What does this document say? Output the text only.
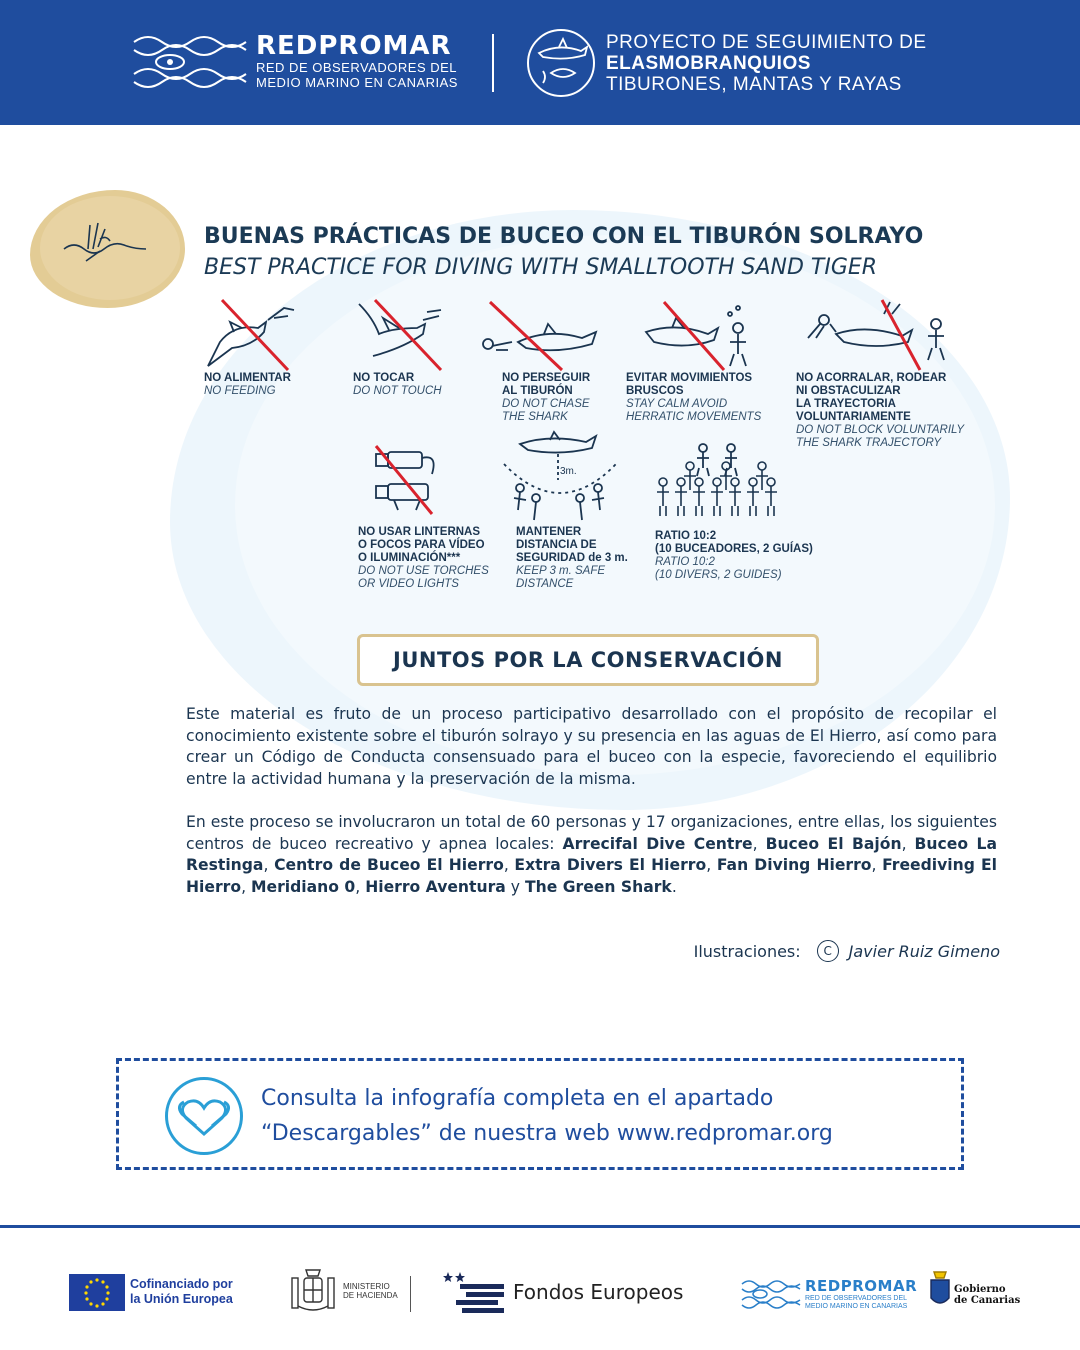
REDPROMAR
RED DE OBSERVADORES DEL
MEDIO MARINO EN CANARIAS
PROYECTO DE SEGUIMIENTO DE
ELASMOBRANQUIOS
TIBURONES, MANTAS Y RAYAS
BUENAS PRÁCTICAS DE BUCEO CON EL TIBURÓN SOLRAYO
BEST PRACTICE FOR DIVING WITH SMALLTOOTH SAND TIGER
NO ALIMENTAR
NO FEEDING
NO TOCAR
DO NOT TOUCH
NO PERSEGUIR
AL TIBURÓN
DO NOT CHASE
THE SHARK
EVITAR MOVIMIENTOS
BRUSCOS
STAY CALM AVOID
HERRATIC MOVEMENTS
NO ACORRALAR, RODEAR
NI OBSTACULIZAR
LA TRAYECTORIA
VOLUNTARIAMENTE
DO NOT BLOCK VOLUNTARILY
THE SHARK TRAJECTORY
NO USAR LINTERNAS
O FOCOS PARA VÍDEO
O ILUMINACIÓN***
DO NOT USE TORCHES
OR VIDEO LIGHTS
3m.
MANTENER
DISTANCIA DE
SEGURIDAD de 3 m.
KEEP 3 m. SAFE
DISTANCE
RATIO 10:2
(10 BUCEADORES, 2 GUÍAS)
RATIO 10:2
(10 DIVERS, 2 GUIDES)
JUNTOS POR LA CONSERVACIÓN
Este material es fruto de un proceso participativo desarrollado con el propósito de recopilar el conocimiento existente sobre el tiburón solrayo y su presencia en las aguas de El Hierro, así como para crear un Código de Conducta consensuado para el buceo con la especie, favoreciendo el equilibrio entre la actividad humana y la preservación de la misma.
En este proceso se involucraron un total de 60 personas y 17 organizaciones, entre ellas, los siguientes centros de buceo recreativo y apnea locales: Arrecifal Dive Centre, Buceo El Bajón, Buceo La Restinga, Centro de Buceo El Hierro, Extra Divers El Hierro, Fan Diving Hierro, Freediving El Hierro, Meridiano 0, Hierro Aventura y The Green Shark.
Ilustraciones:	C	Javier Ruiz Gimeno
Consulta la infografía completa en el apartado
“Descargables” de nuestra web www.redpromar.org
Cofinanciado por
la Unión Europea
MINISTERIO
DE HACIENDA	Fondos Europeos	REDPROMAR
RED DE OBSERVADORES DEL
MEDIO MARINO EN CANARIAS
Gobierno
de Canarias
